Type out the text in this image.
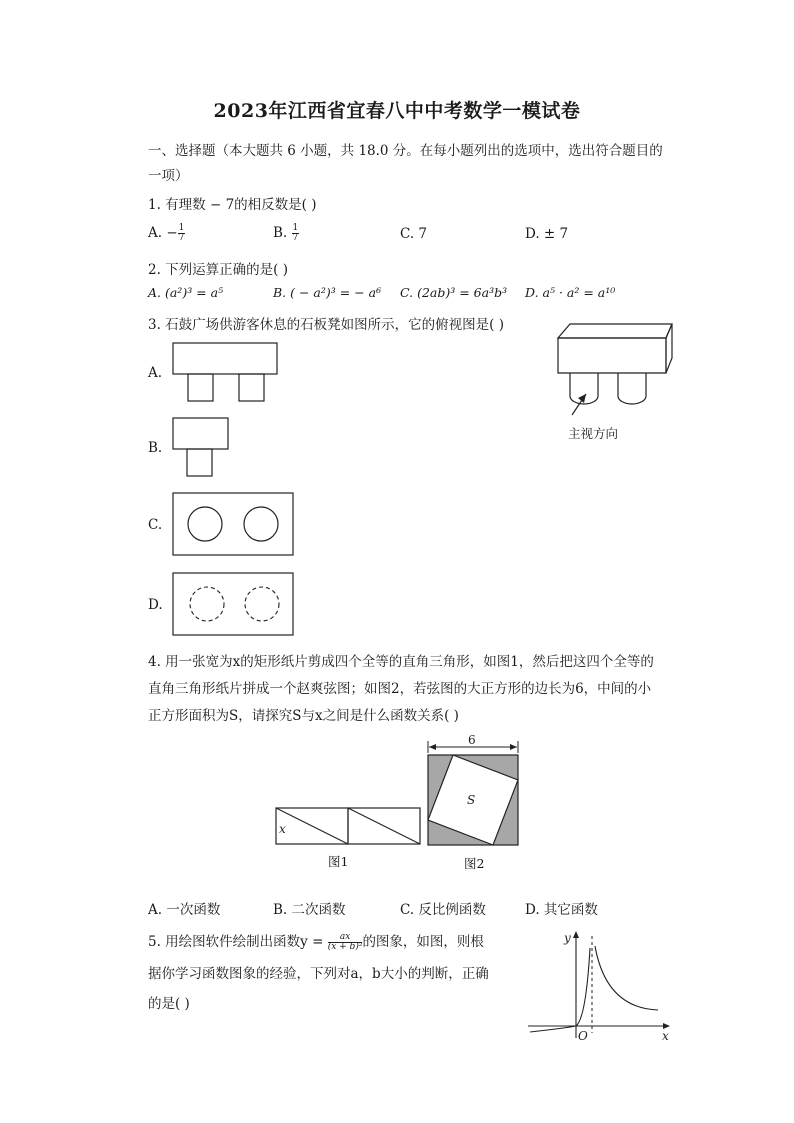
2023年江西省宜春八中中考数学一模试卷
一、选择题（本大题共 6 小题，共 18.0 分。在每小题列出的选项中，选出符合题目的
一项）
1. 有理数 − 7的相反数是( )
A. − $\frac{1}{7}$	B. $\frac{1}{7}$	C. 7	D. ± 7
2. 下列运算正确的是( )
A. (a²)³ = a⁵	B. ( − a²)³ = − a⁶ C. (2ab)³ = 6a³b³ D. a⁵ · a² = a¹⁰
3. 石鼓广场供游客休息的石板凳如图所示，它的俯视图是( )
主视方向
A.
B.
C.
D.
4. 用一张宽为x的矩形纸片剪成四个全等的直角三角形，如图1，然后把这四个全等的
直角三角形纸片拼成一个赵爽弦图；如图2，若弦图的大正方形的边长为6，中间的小
正方形面积为S，请探究S与x之间是什么函数关系( )
x
图1
6
S
图2
A. 一次函数	B. 二次函数	C. 反比例函数	D. 其它函数
5. 用绘图软件绘制出函数$y = \frac{ax}{\text{(x + b)²}}$ 的图象，如图，则根
据你学习函数图象的经验，下列对a，b大小的判断，正确
的是( )
y
x
O
